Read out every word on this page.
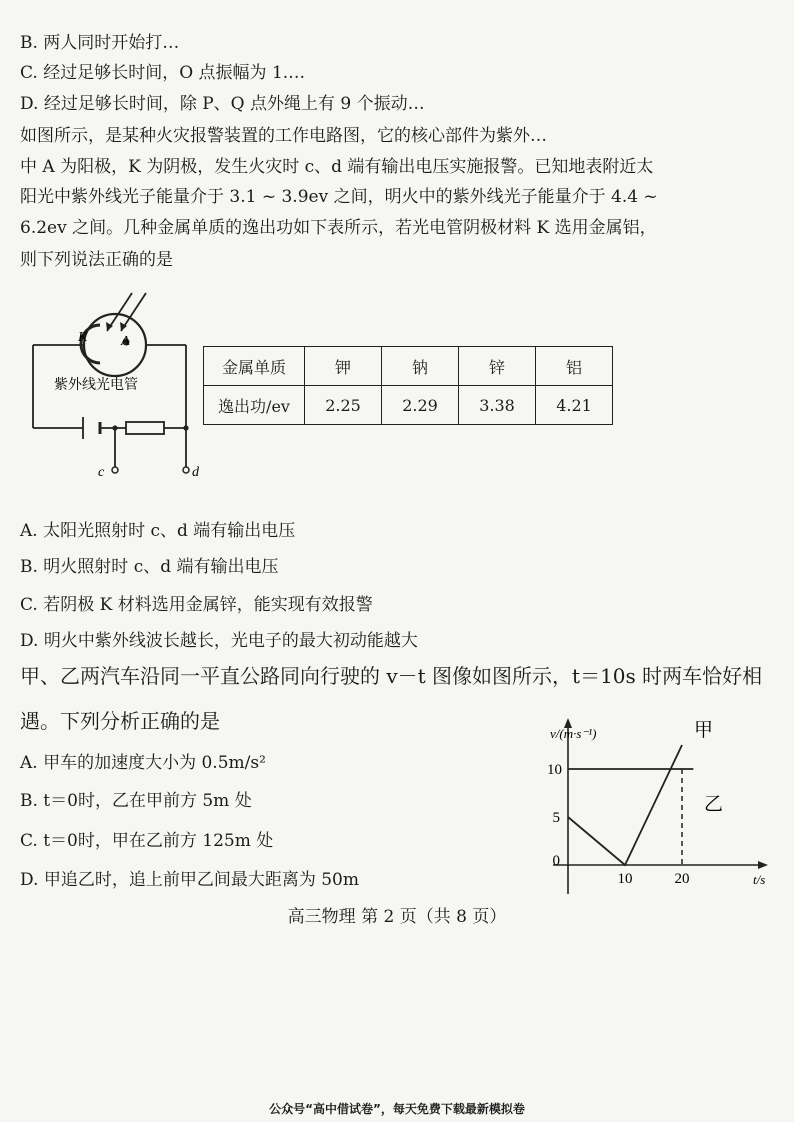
B. 两人同时开始打…
C. 经过足够长时间，O 点振幅为 1.…
D. 经过足够长时间，除 P、Q 点外绳上有 9 个振动…
如图所示，是某种火灾报警装置的工作电路图，它的核心部件为紫外…
中 A 为阳极，K 为阴极，发生火灾时 c、d 端有输出电压实施报警。已知地表附近太
阳光中紫外线光子能量介于 3.1 ~ 3.9ev 之间，明火中的紫外线光子能量介于 4.4 ~
6.2ev 之间。几种金属单质的逸出功如下表所示，若光电管阴极材料 K 选用金属铝，
则下列说法正确的是
K A
紫外线光电管
c	d
金属单质	钾	钠	锌	铝
逸出功/ev	2.25	2.29	3.38	4.21
A. 太阳光照射时 c、d 端有输出电压
B. 明火照射时 c、d 端有输出电压
C. 若阴极 K 材料选用金属锌，能实现有效报警
D. 明火中紫外线波长越长，光电子的最大初动能越大
甲、乙两汽车沿同一平直公路同向行驶的 v－t 图像如图所示，t＝10s 时两车恰好相
遇。下列分析正确的是
A. 甲车的加速度大小为 0.5m/s²
B. t＝0时，乙在甲前方 5m 处
C. t＝0时，甲在乙前方 125m 处
D. 甲追乙时，追上前甲乙间最大距离为 50m
10
5
0
10	20
v/(m·s⁻¹)
t/s
甲
乙
高三物理 第 2 页（共 8 页）
公众号“高中借试卷”，每天免费下载最新模拟卷
